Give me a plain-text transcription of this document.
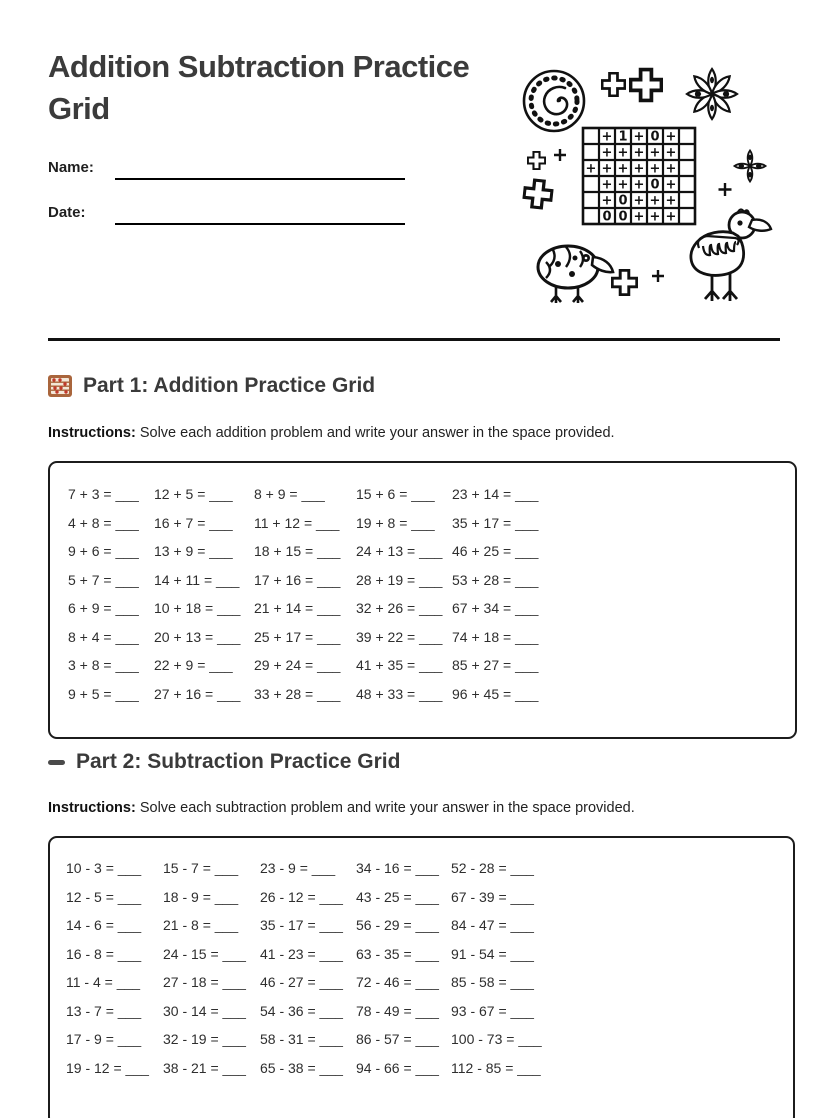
Addition Subtraction Practice Grid
Name:
Date:
+ 1 + 0 +
+ + + + +
+ + + + + +
+ + + 0 +
+ 0 + + +
0 0 + + +
Part 1: Addition Practice Grid
Instructions: Solve each addition problem and write your answer in the space provided.
7 + 3 = ___	12 + 5 = ___	8 + 9 = ___	15 + 6 = ___	23 + 14 = ___
4 + 8 = ___	16 + 7 = ___	11 + 12 = ___	19 + 8 = ___	35 + 17 = ___
9 + 6 = ___	13 + 9 = ___	18 + 15 = ___	24 + 13 = ___ 46 + 25 = ___
5 + 7 = ___	14 + 11 = ___	17 + 16 = ___	28 + 19 = ___ 53 + 28 = ___
6 + 9 = ___	10 + 18 = ___ 21 + 14 = ___	32 + 26 = ___ 67 + 34 = ___
8 + 4 = ___	20 + 13 = ___ 25 + 17 = ___	39 + 22 = ___ 74 + 18 = ___
3 + 8 = ___	22 + 9 = ___	29 + 24 = ___	41 + 35 = ___ 85 + 27 = ___
9 + 5 = ___	27 + 16 = ___ 33 + 28 = ___	48 + 33 = ___ 96 + 45 = ___
Part 2: Subtraction Practice Grid
Instructions: Solve each subtraction problem and write your answer in the space provided.
10 - 3 = ___	15 - 7 = ___	23 - 9 = ___	34 - 16 = ___ 52 - 28 = ___
12 - 5 = ___	18 - 9 = ___	26 - 12 = ___ 43 - 25 = ___ 67 - 39 = ___
14 - 6 = ___	21 - 8 = ___	35 - 17 = ___ 56 - 29 = ___ 84 - 47 = ___
16 - 8 = ___	24 - 15 = ___	41 - 23 = ___ 63 - 35 = ___ 91 - 54 = ___
11 - 4 = ___	27 - 18 = ___	46 - 27 = ___ 72 - 46 = ___ 85 - 58 = ___
13 - 7 = ___	30 - 14 = ___	54 - 36 = ___ 78 - 49 = ___ 93 - 67 = ___
17 - 9 = ___	32 - 19 = ___	58 - 31 = ___ 86 - 57 = ___ 100 - 73 = ___
19 - 12 = ___	38 - 21 = ___	65 - 38 = ___ 94 - 66 = ___ 112 - 85 = ___
